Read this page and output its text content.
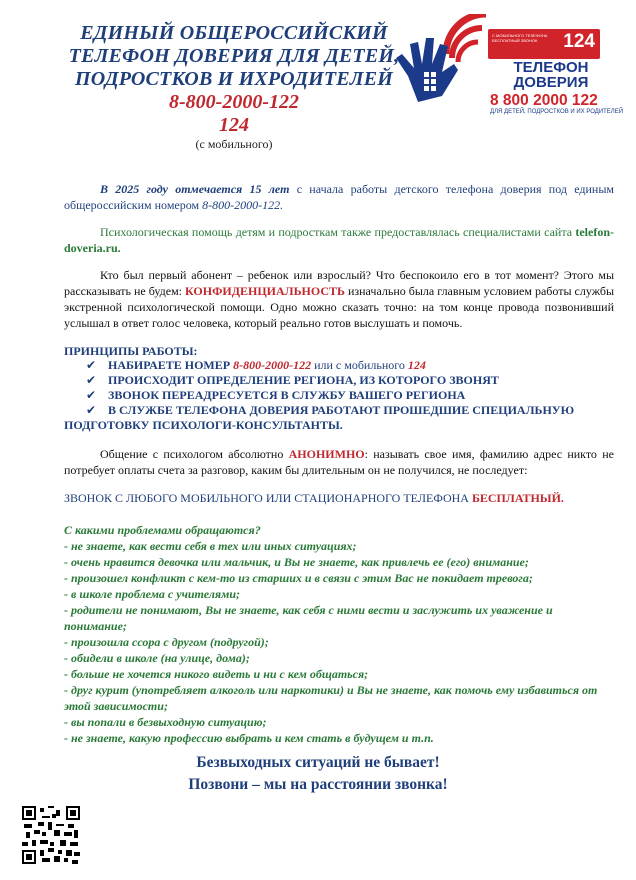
ЕДИНЫЙ ОБЩЕРОССИЙСКИЙ
ТЕЛЕФОН ДОВЕРИЯ ДЛЯ ДЕТЕЙ,
ПОДРОСТКОВ И ИХРОДИТЕЛЕЙ
8-800-2000-122
124
(с мобильного)
С МОБИЛЬНОГО ТЕЛЕФОНА БЕСПЛАТНЫЙ ЗВОНОК	124
ТЕЛЕФОН
ДОВЕРИЯ
8 800 2000 122
ДЛЯ ДЕТЕЙ, ПОДРОСТКОВ И ИХ РОДИТЕЛЕЙ
В 2025 году отмечается 15 лет с начала работы детского телефона доверия под единым общероссийским номером 8-800-2000-122.
Психологическая помощь детям и подросткам также предоставлялась специалистами сайта telefon-doveria.ru.
Кто был первый абонент – ребенок или взрослый? Что беспокоило его в тот момент? Этого мы рассказывать не будем: КОНФИДЕНЦИАЛЬНОСТЬ изначально была главным условием работы службы экстренной психологической помощи. Одно можно сказать точно: на том конце провода позвонивший услышал в ответ голос человека, который реально готов выслушать и помочь.
ПРИНЦИПЫ РАБОТЫ:
✔ НАБИРАЕТЕ НОМЕР 8-800-2000-122 или с мобильного 124
✔ ПРОИСХОДИТ ОПРЕДЕЛЕНИЕ РЕГИОНА, ИЗ КОТОРОГО ЗВОНЯТ
✔ ЗВОНОК ПЕРЕАДРЕСУЕТСЯ В СЛУЖБУ ВАШЕГО РЕГИОНА
✔ В СЛУЖБЕ ТЕЛЕФОНА ДОВЕРИЯ РАБОТАЮТ ПРОШЕДШИЕ СПЕЦИАЛЬНУЮ
ПОДГОТОВКУ ПСИХОЛОГИ-КОНСУЛЬТАНТЫ.
Общение с психологом абсолютно АНОНИМНО: называть свое имя, фамилию адрес никто не потребует оплаты счета за разговор, каким бы длительным он не получился, не последует:
ЗВОНОК С ЛЮБОГО МОБИЛЬНОГО ИЛИ СТАЦИОНАРНОГО ТЕЛЕФОНА БЕСПЛАТНЫЙ.
С какими проблемами обращаются?
- не знаете, как вести себя в тех или иных ситуациях;
- очень нравится девочка или мальчик, и Вы не знаете, как привлечь ее (его) внимание;
- произошел конфликт с кем-то из старших и в связи с этим Вас не покидает тревога;
- в школе проблема с учителями;
- родители не понимают, Вы не знаете, как себя с ними вести и заслужить их уважение и понимание;
- произошла ссора с другом (подругой);
- обидели в школе (на улице, дома);
- больше не хочется никого видеть и ни с кем общаться;
- друг курит (употребляет алкоголь или наркотики) и Вы не знаете, как помочь ему избавиться от этой зависимости;
- вы попали в безвыходную ситуацию;
- не знаете, какую профессию выбрать и кем стать в будущем и т.п.
Безвыходных ситуаций не бывает!
Позвони – мы на расстоянии звонка!
